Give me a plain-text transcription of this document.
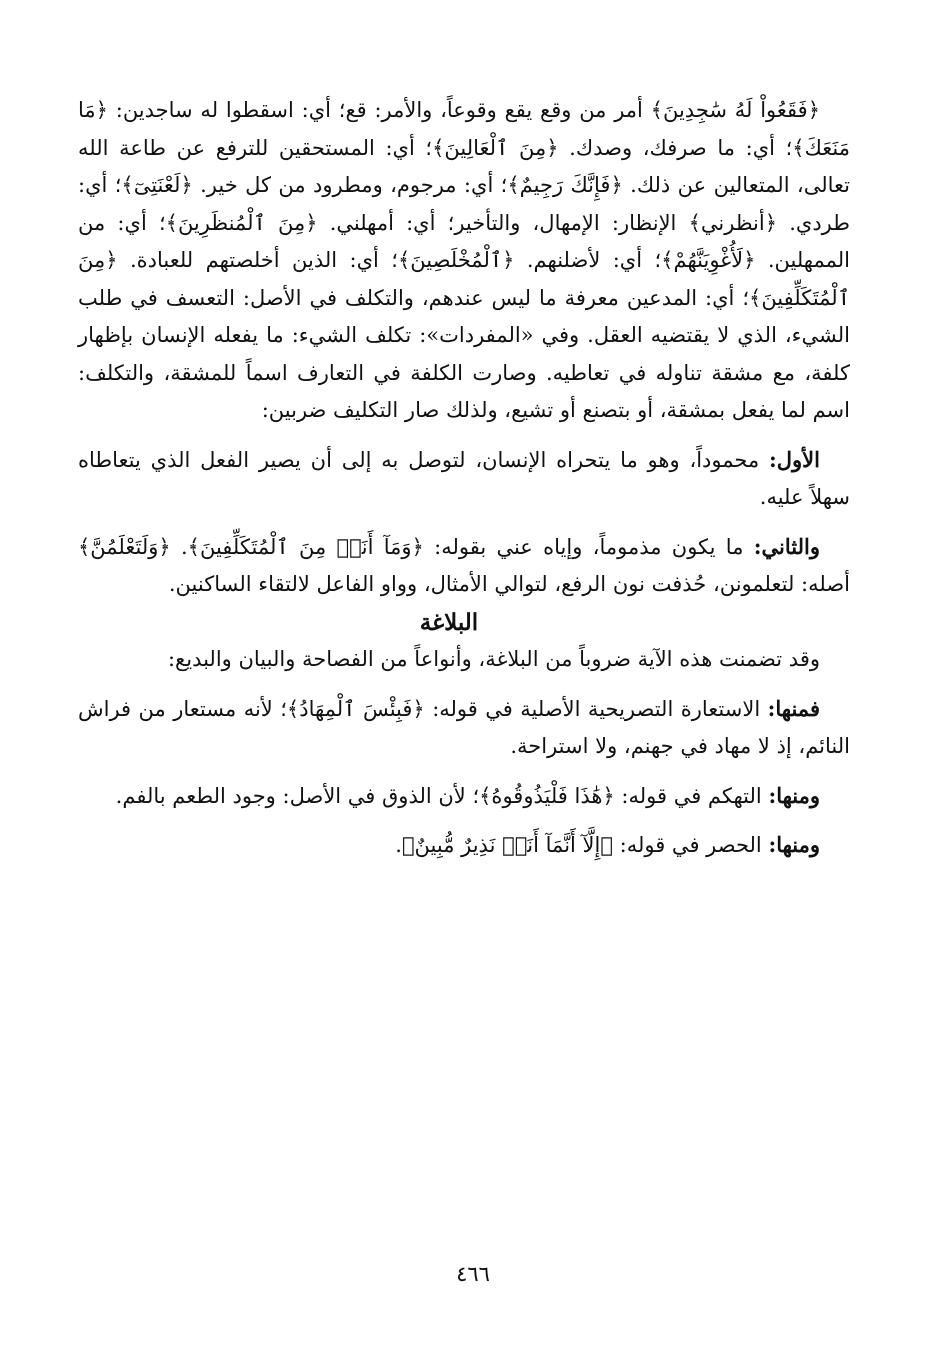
﴿فَقَعُواْ لَهُ سَٰجِدِينَ﴾ أمر من وقع يقع وقوعاً، والأمر: قع؛ أي: اسقطوا له ساجدين: ﴿مَا مَنَعَكَ﴾؛ أي: ما صرفك، وصدك. ﴿مِنَ ٱلْعَالِينَ﴾؛ أي: المستحقين للترفع عن طاعة الله تعالى، المتعالين عن ذلك. ﴿فَإِنَّكَ رَجِيمٌ﴾؛ أي: مرجوم، ومطرود من كل خير. ﴿لَعْنَتِىٓ﴾؛ أي: طردي. ﴿أنظرني﴾ الإنظار: الإمهال، والتأخير؛ أي: أمهلني. ﴿مِنَ ٱلْمُنظَرِينَ﴾؛ أي: من الممهلين. ﴿لَأُغْوِيَنَّهُمْ﴾؛ أي: لأضلنهم. ﴿ٱلْمُخْلَصِينَ﴾؛ أي: الذين أخلصتهم للعبادة. ﴿مِنَ ٱلْمُتَكَلِّفِينَ﴾؛ أي: المدعين معرفة ما ليس عندهم، والتكلف في الأصل: التعسف في طلب الشيء، الذي لا يقتضيه العقل. وفي «المفردات»: تكلف الشيء: ما يفعله الإنسان بإظهار كلفة، مع مشقة تناوله في تعاطيه. وصارت الكلفة في التعارف اسماً للمشقة، والتكلف: اسم لما يفعل بمشقة، أو بتصنع أو تشيع، ولذلك صار التكليف ضربين:

الأول: محموداً، وهو ما يتحراه الإنسان، لتوصل به إلى أن يصير الفعل الذي يتعاطاه سهلاً عليه.

والثاني: ما يكون مذموماً، وإياه عني بقوله: ﴿وَمَآ أَنَا۠ مِنَ ٱلْمُتَكَلِّفِينَ﴾. ﴿وَلَتَعْلَمُنَّ﴾ أصله: لتعلمونن، حُذفت نون الرفع، لتوالي الأمثال، وواو الفاعل لالتقاء الساكنين.

البلاغة

وقد تضمنت هذه الآية ضروباً من البلاغة، وأنواعاً من الفصاحة والبيان والبديع:

فمنها: الاستعارة التصريحية الأصلية في قوله: ﴿فَبِئْسَ ٱلْمِهَادُ﴾؛ لأنه مستعار من فراش النائم، إذ لا مهاد في جهنم، ولا استراحة.

ومنها: التهكم في قوله: ﴿هَٰذَا فَلْيَذُوقُوهُ﴾؛ لأن الذوق في الأصل: وجود الطعم بالفم.

ومنها: الحصر في قوله: ﴿إِلَّآ أَنَّمَآ أَنَا۠ نَذِيرٌ مُّبِينٌ﴾.

٤٦٦
